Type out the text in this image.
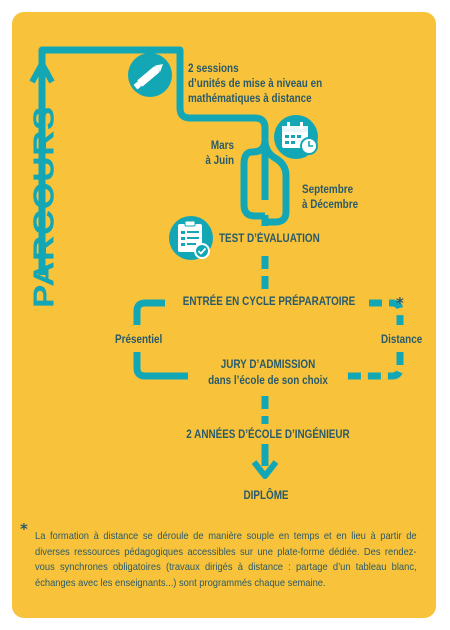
PARCOURS
2 sessions
d’unités de mise à niveau en
mathématiques à distance
Mars
à Juin
Septembre
à Décembre
TEST D’ÉVALUATION
ENTRÉE EN CYCLE PRÉPARATOIRE	*
Présentiel	Distance
JURY D’ADMISSION
dans l’école de son choix
2 ANNÉES D’ÉCOLE D’INGÉNIEUR
DIPLÔME
* La formation à distance se déroule de manière souple en temps et en lieu à partir de diverses ressources pédagogiques accessibles sur une plate-forme dédiée. Des rendez-vous synchrones obligatoires (travaux dirigés à distance : partage d’un tableau blanc, échanges avec les enseignants...) sont programmés chaque semaine.
